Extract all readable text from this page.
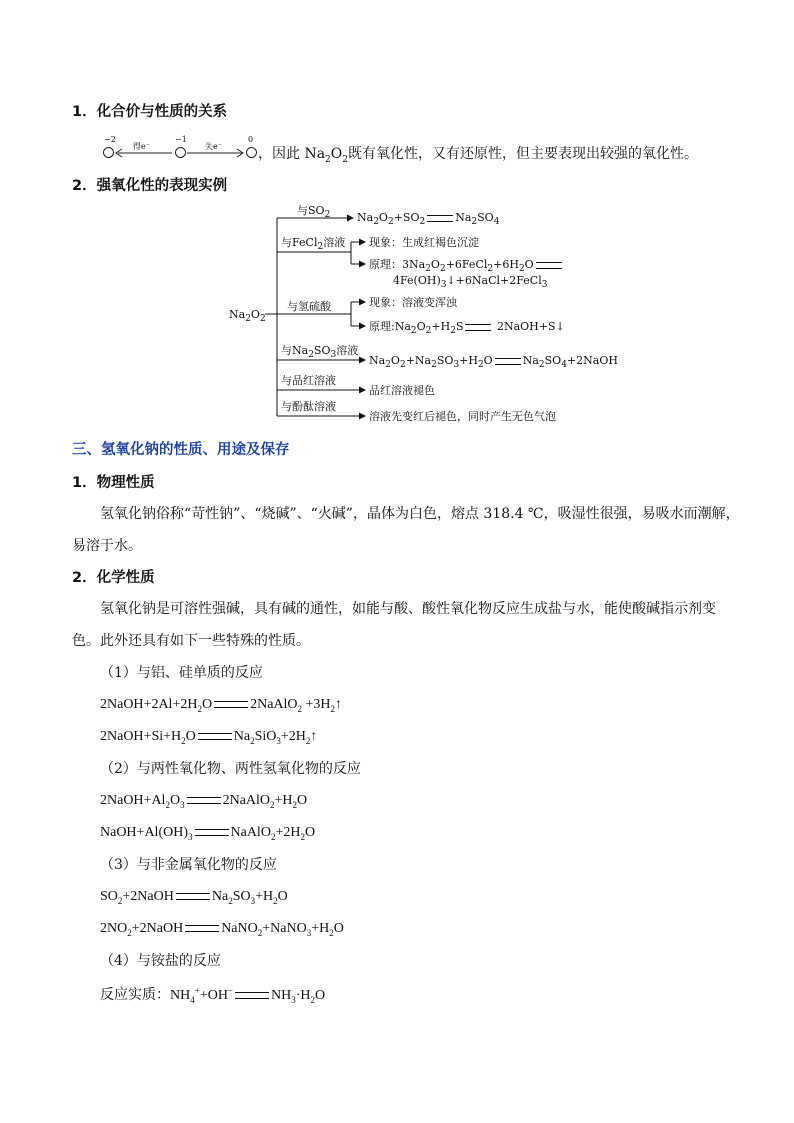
1．化合价与性质的关系
−2
得e⁻
−1
失e⁻
0
，因此 $Na_2O_2$既有氧化性，又有还原性，但主要表现出较强的氧化性。
2．强氧化性的表现实例
$Na_2O_2$
与$SO_2$ $Na_2O_2+SO_2$	$Na_2SO_4$
与FeCl$_2$溶液 现象：生成红褐色沉淀
原理：$3Na_2O_2+6FeCl_2+6H_2O$
$4Fe(OH)_3↓+6NaCl+2FeCl_3$
与氢硫酸	现象：溶液变浑浊
原理$:Na_2O_2+H_2S$	2NaOH+S↓
与$Na_2SO_3$溶液
$Na_2O_2+Na_2SO_3+H_2O$	$Na_2SO_4+2NaOH$
与品红溶液
品红溶液褪色
与酚酞溶液
溶液先变红后褪色，同时产生无色气泡
三、氢氧化钠的性质、用途及保存
1．物理性质
氢氧化钠俗称“苛性钠”、“烧碱”、“火碱”，晶体为白色，熔点 318.4 ℃，吸湿性很强，易吸水而潮解，
易溶于水。
2．化学性质
氢氧化钠是可溶性强碱，具有碱的通性，如能与酸、酸性氧化物反应生成盐与水，能使酸碱指示剂变
色。此外还具有如下一些特殊的性质。
（1）与铝、硅单质的反应
$2NaOH+2Al+2H_2O$	2NaAlO$_2$ $+3H_2↑$
$2NaOH+Si+H_2O$	$Na_2SiO_3+2H_2↑$
（2）与两性氧化物、两性氢氧化物的反应
$2NaOH+Al_2O_3$	$2NaAlO_2+H_2O$
$NaOH+Al(OH)_3$	$NaAlO_2+2H_2O$
（3）与非金属氧化物的反应
$SO_2+2NaOH$	$Na_2SO_3+H_2O$
$2NO_2+2NaOH$	$NaNO_2+NaNO_3+H_2O$
（4）与铵盐的反应
反应实质：$NH_4^++OH^-$	$NH_3\cdot H_2O$
